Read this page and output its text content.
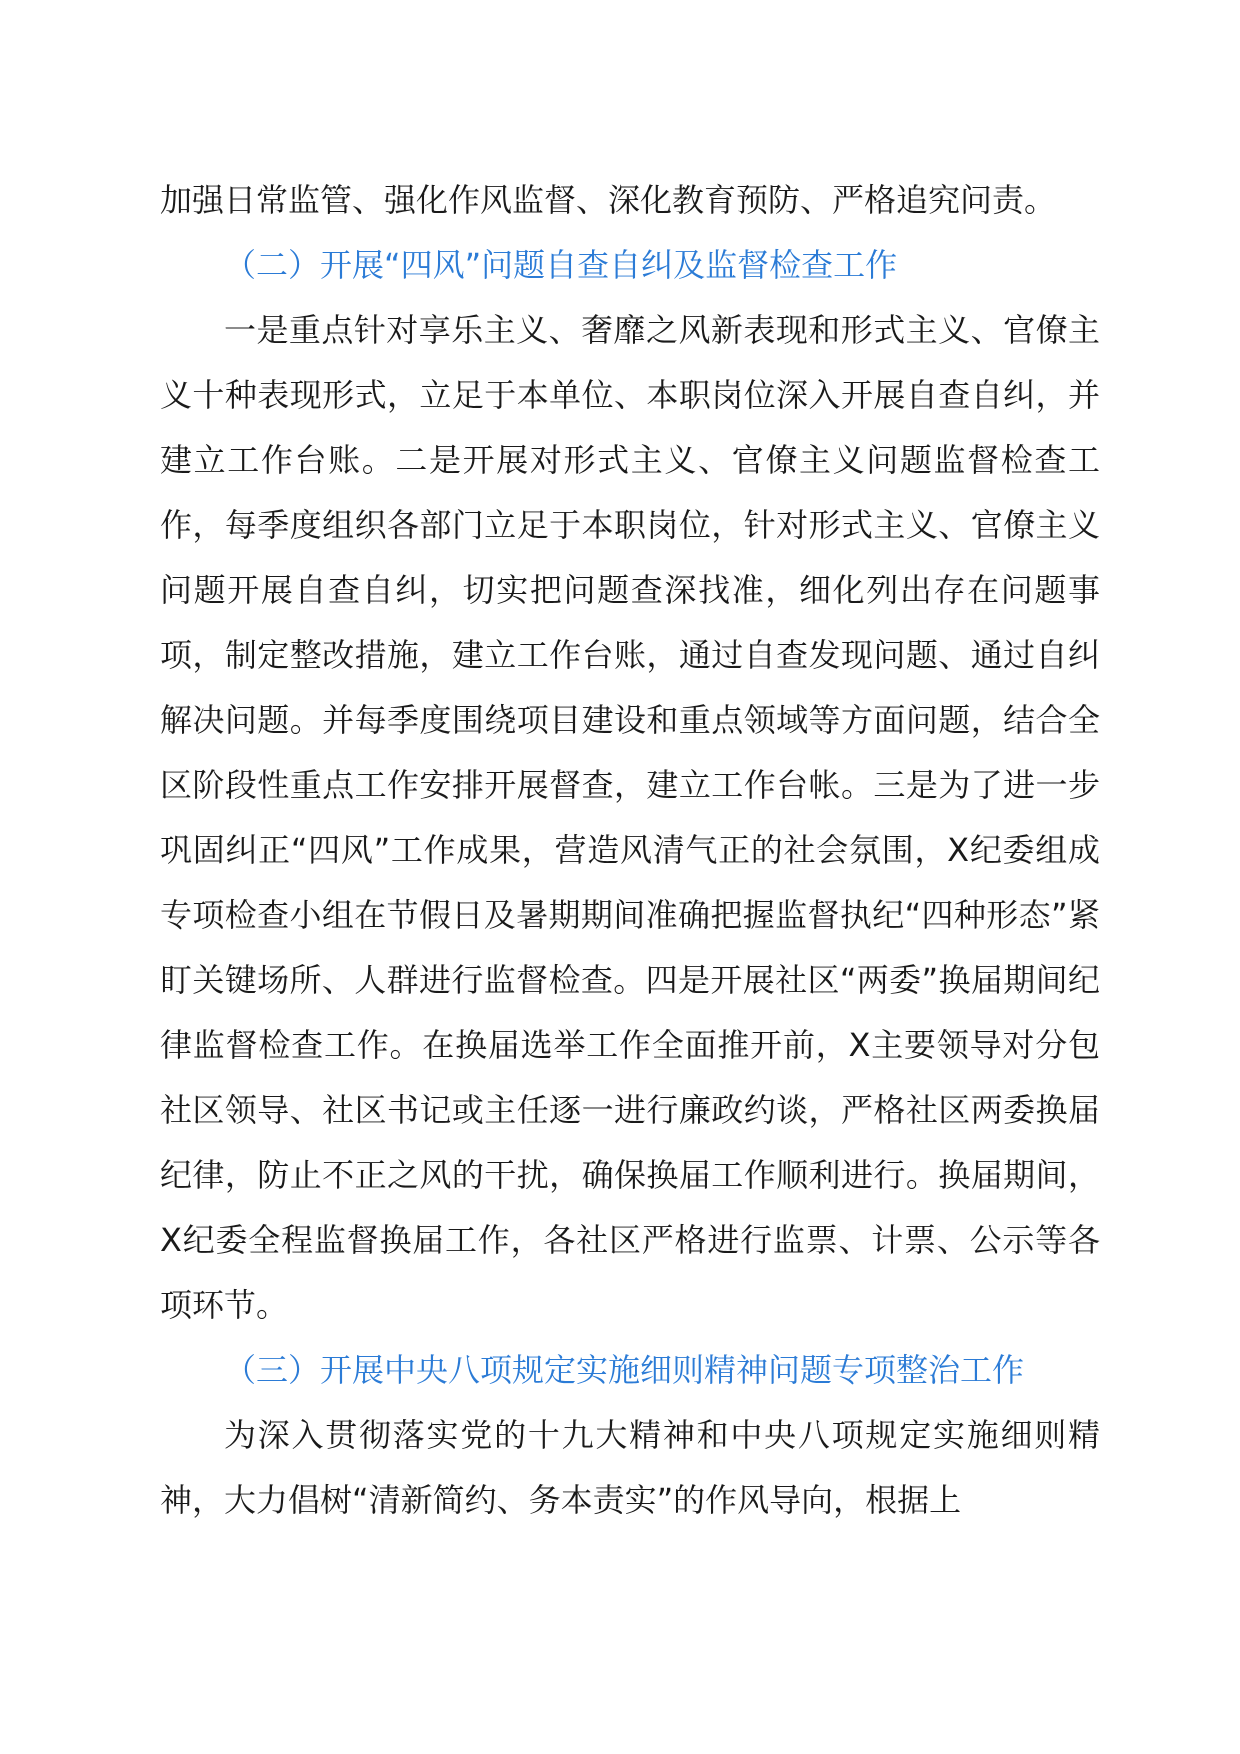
加强日常监管、强化作风监督、深化教育预防、严格追究问责。

（二）开展“四风”问题自查自纠及监督检查工作

一是重点针对享乐主义、奢靡之风新表现和形式主义、官僚主义十种表现形式，立足于本单位、本职岗位深入开展自查自纠，并建立工作台账。二是开展对形式主义、官僚主义问题监督检查工作，每季度组织各部门立足于本职岗位，针对形式主义、官僚主义问题开展自查自纠，切实把问题查深找准，细化列出存在问题事项，制定整改措施，建立工作台账，通过自查发现问题、通过自纠解决问题。并每季度围绕项目建设和重点领域等方面问题，结合全区阶段性重点工作安排开展督查，建立工作台帐。三是为了进一步巩固纠正“四风”工作成果，营造风清气正的社会氛围，X纪委组成专项检查小组在节假日及暑期期间准确把握监督执纪“四种形态”紧盯关键场所、人群进行监督检查。四是开展社区“两委”换届期间纪律监督检查工作。在换届选举工作全面推开前，X主要领导对分包社区领导、社区书记或主任逐一进行廉政约谈，严格社区两委换届纪律，防止不正之风的干扰，确保换届工作顺利进行。换届期间，X纪委全程监督换届工作，各社区严格进行监票、计票、公示等各项环节。

（三）开展中央八项规定实施细则精神问题专项整治工作

为深入贯彻落实党的十九大精神和中央八项规定实施细则精神，大力倡树“清新简约、务本责实”的作风导向，根据上
